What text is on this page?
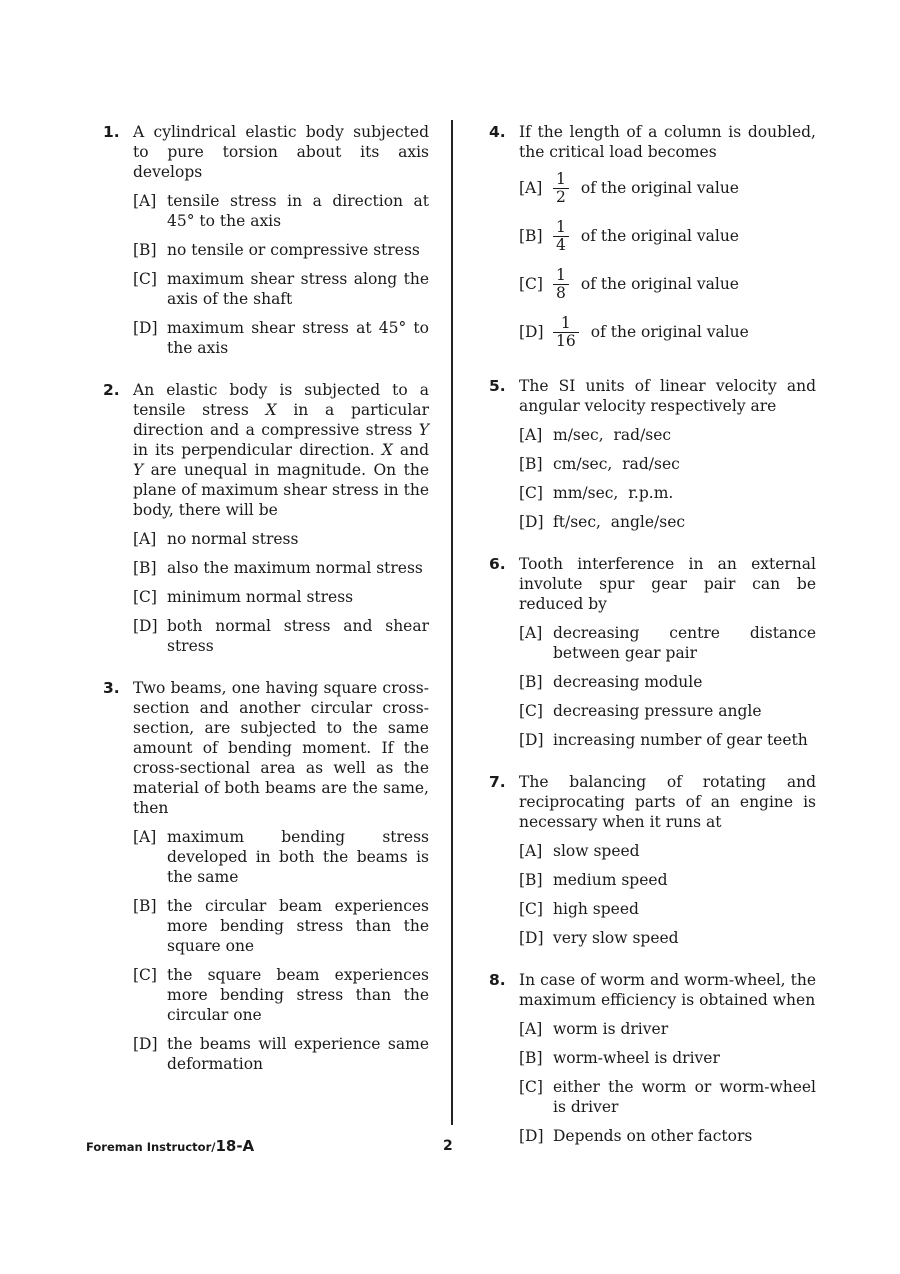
1. A cylindrical elastic body subjected to pure torsion about its axis develops
[A] tensile stress in a direction at 45° to the axis
[B] no tensile or compressive stress
[C] maximum shear stress along the axis of the shaft
[D] maximum shear stress at 45° to the axis
2. An elastic body is subjected to a tensile stress X in a particular direction and a compressive stress Y in its perpendicular direction. X and Y are unequal in magnitude. On the plane of maximum shear stress in the body, there will be
[A] no normal stress
[B] also the maximum normal stress
[C] minimum normal stress
[D] both normal stress and shear stress
3. Two beams, one having square cross-section and another circular cross-section, are subjected to the same amount of bending moment. If the cross-sectional area as well as the material of both beams are the same, then
[A] maximum bending stress developed in both the beams is the same
[B] the circular beam experiences more bending stress than the square one
[C] the square beam experiences more bending stress than the circular one
[D] the beams will experience same deformation
4. If the length of a column is doubled, the critical load becomes
$[A] \frac{1}{2}$ of the original value
$[B] \frac{1}{4}$ of the original value
$[C] \frac{1}{8}$ of the original value
$[D] \frac{1}{16}$ of the original value
5. The SI units of linear velocity and angular velocity respectively are
[A] m/sec,  rad/sec
[B] cm/sec,  rad/sec
[C] mm/sec,  r.p.m.
[D] ft/sec,  angle/sec
6. Tooth interference in an external involute spur gear pair can be reduced by
[A] decreasing centre distance between gear pair
[B] decreasing module
[C] decreasing pressure angle
[D] increasing number of gear teeth
7. The balancing of rotating and reciprocating parts of an engine is necessary when it runs at
[A] slow speed
[B] medium speed
[C] high speed
[D] very slow speed
8. In case of worm and worm-wheel, the maximum efficiency is obtained when
[A] worm is driver
[B] worm-wheel is driver
[C] either the worm or worm-wheel is driver
[D] Depends on other factors
Foreman Instructor/18-A	2
